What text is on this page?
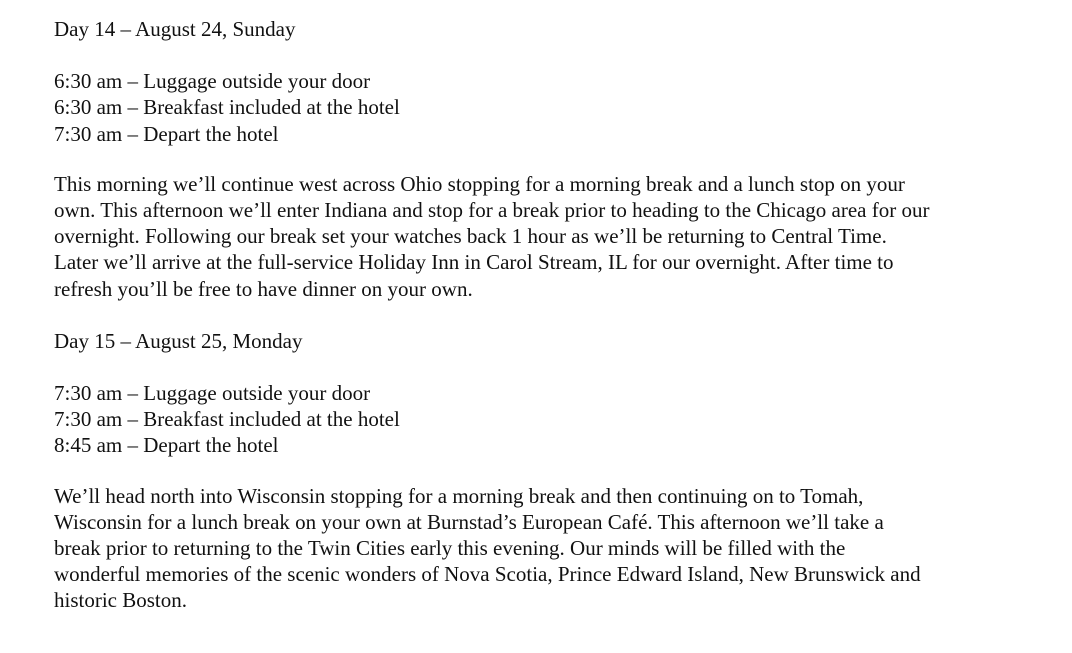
Day 14 – August 24, Sunday
6:30 am – Luggage outside your door
6:30 am – Breakfast included at the hotel
7:30 am – Depart the hotel

This morning we’ll continue west across Ohio stopping for a morning break and a lunch stop on your
own. This afternoon we’ll enter Indiana and stop for a break prior to heading to the Chicago area for our
overnight. Following our break set your watches back 1 hour as we’ll be returning to Central Time.
Later we’ll arrive at the full-service Holiday Inn in Carol Stream, IL for our overnight. After time to
refresh you’ll be free to have dinner on your own.

Day 15 – August 25, Monday
7:30 am – Luggage outside your door
7:30 am – Breakfast included at the hotel
8:45 am – Depart the hotel

We’ll head north into Wisconsin stopping for a morning break and then continuing on to Tomah,
Wisconsin for a lunch break on your own at Burnstad’s European Café. This afternoon we’ll take a
break prior to returning to the Twin Cities early this evening. Our minds will be filled with the
wonderful memories of the scenic wonders of Nova Scotia, Prince Edward Island, New Brunswick and
historic Boston.
